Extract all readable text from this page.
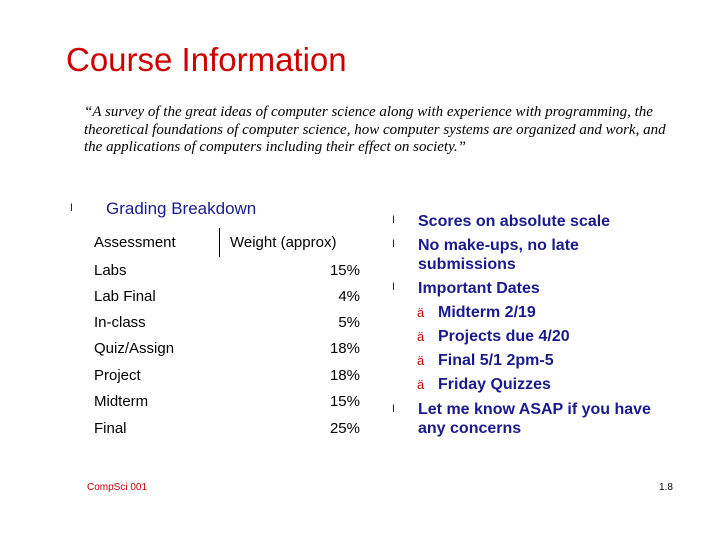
Course Information
“A survey of the great ideas of computer science along with experience with programming, the theoretical foundations of computer science, how computer systems are organized and work, and the applications of computers including their effect on society.”
l Grading Breakdown
Assessment	Weight (approx)
Labs	15%
Lab Final	4%
In-class	5%
Quiz/Assign	18%
Project	18%
Midterm	15%
Final	25%
l Scores on absolute scale
l No make-ups, no late
submissions
l Important Dates
ä Midterm 2/19
ä Projects due 4/20
ä Final 5/1 2pm-5
ä Friday Quizzes
l Let me know ASAP if you have
any concerns
CompSci 001	1.8
